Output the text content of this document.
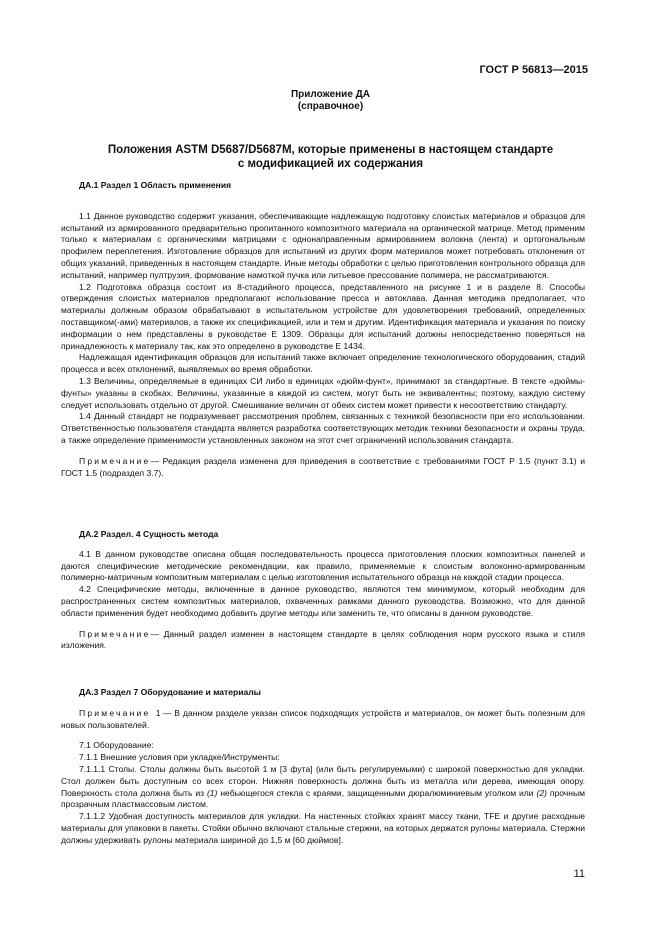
ГОСТ Р 56813—2015
Приложение ДА
(справочное)
Положения ASTM D5687/D5687M, которые применены в настоящем стандарте
с модификацией их содержания

ДА.1 Раздел 1 Область применения

1.1 Данное руководство содержит указания, обеспечивающие надлежащую подготовку слоистых материалов и образцов для испытаний из армированного предварительно пропитанного композитного материала на органической матрице. Метод применим только к материалам с органическими матрицами с однонаправленным армированием волокна (лента) и ортогональным профилем переплетения. Изготовление образцов для испытаний из других форм материалов может потребовать отклонения от общих указаний, приведенных в настоящем стандарте. Иные методы обработки с целью приготовления контрольного образца для испытаний, например пултрузия, формование намоткой пучка или литьевое прессование полимера, не рассматриваются.

1.2 Подготовка образца состоит из 8-стадийного процесса, представленного на рисунке 1 и в разделе 8. Способы отверждения слоистых материалов предполагают использование пресса и автоклава. Данная методика предполагает, что материалы должным образом обрабатывают в испытательном устройстве для удовлетворения требований, определенных поставщиком(-ами) материалов, а также их спецификацией, или и тем и другим. Идентификация материала и указания по поиску информации о нем представлены в руководстве Е 1309. Образцы для испытаний должны непосредственно поверяться на принадлежность к материалу так, как это определено в руководстве Е 1434.

Надлежащая идентификация образцов для испытаний также включает определение технологического оборудования, стадий процесса и всех отклонений, выявляемых во время обработки.

1.3 Величины, определяемые в единицах СИ либо в единицах «дюйм-фунт», принимают за стандартные. В тексте «дюймы-фунты» указаны в скобках. Величины, указанные в каждой из систем, могут быть не эквивалентны; поэтому, каждую систему следует использовать отдельно от другой. Смешивание величин от обеих систем может привести к несоответствию стандарту.

1.4 Данный стандарт не подразумевает рассмотрения проблем, связанных с техникой безопасности при его использовании. Ответственностью пользователя стандарта является разработка соответствующих методик техники безопасности и охраны труда, а также определение применимости установленных законом на этот счет ограничений использования стандарта.

Примечание— Редакция раздела изменена для приведения в соответствие с требованиями ГОСТ Р 1.5 (пункт 3.1) и ГОСТ 1.5 (подраздел 3.7).

ДА.2 Раздел. 4 Сущность метода

4.1 В данном руководстве описана общая последовательность процесса приготовления плоских композитных панелей и даются специфические методические рекомендации, как правило, применяемые к слоистым волоконно-армированным полимерно-матричным композитным материалам с целью изготовления испытательного образца на каждой стадии процесса.

4.2 Специфические методы, включенные в данное руководство, являются тем минимумом, который необходим для распространенных систем композитных материалов, охваченных рамками данного руководства. Возможно, что для данной области применения будет необходимо добавить другие методы или заменить те, что описаны в данном руководстве.

Примечание— Данный раздел изменен в настоящем стандарте в целях соблюдения норм русского языка и стиля изложения.

ДА.3 Раздел 7 Оборудование и материалы

Примечание 1— В данном разделе указан список подходящих устройств и материалов, он может быть полезным для новых пользователей.

7.1 Оборудование:

7.1.1 Внешние условия при укладке/Инструменты:

7.1.1.1 Столы. Столы должны быть высотой 1 м [3 фута] (или быть регулируемыми) с широкой поверхностью для укладки. Стол должен быть доступным со всех сторон. Нижняя поверхность должна быть из металла или дерева, имеющая опору. Поверхность стола должна быть из (1) небьющегося стекла с краями, защищенными дюралюминиевым уголком или (2) прочным прозрачным пластмассовым листом.

7.1.1.2 Удобная доступность материалов для укладки. На настенных стойках хранят массу ткани, TFE и другие расходные материалы для упаковки в пакеты. Стойки обычно включают стальные стержни, на которых держатся рулоны материала. Стержни должны удерживать рулоны материала шириной до 1,5 м [60 дюймов].

11
